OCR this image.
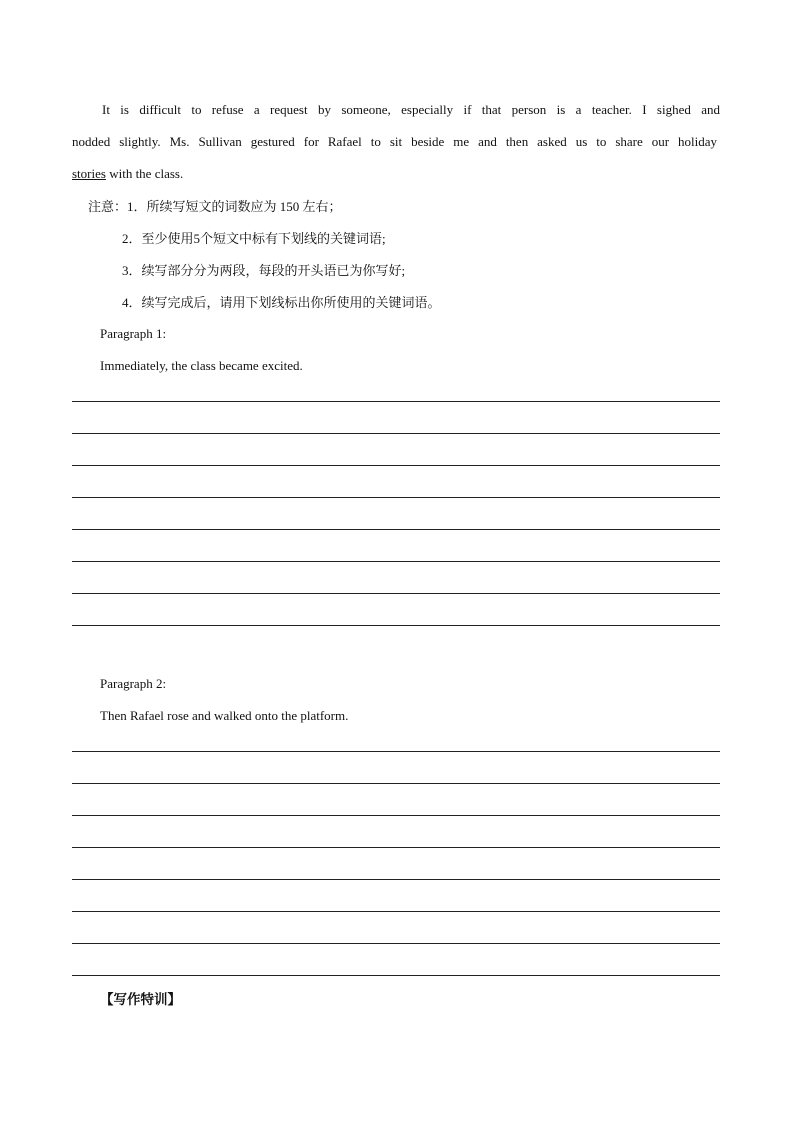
It is difficult to refuse a request by someone, especially if that person is a teacher. I sighed and
nodded slightly. Ms. Sullivan gestured for Rafael to sit beside me and then asked us to share our holiday
stories with the class.
注意：1．所续写短文的词数应为 150 左右；
2．至少使用5个短文中标有下划线的关键词语;
3．续写部分分为两段，每段的开头语已为你写好;
4．续写完成后，请用下划线标出你所使用的关键词语。
Paragraph 1:
Immediately, the class became excited.
Paragraph 2:
Then Rafael rose and walked onto the platform.
【写作特训】
